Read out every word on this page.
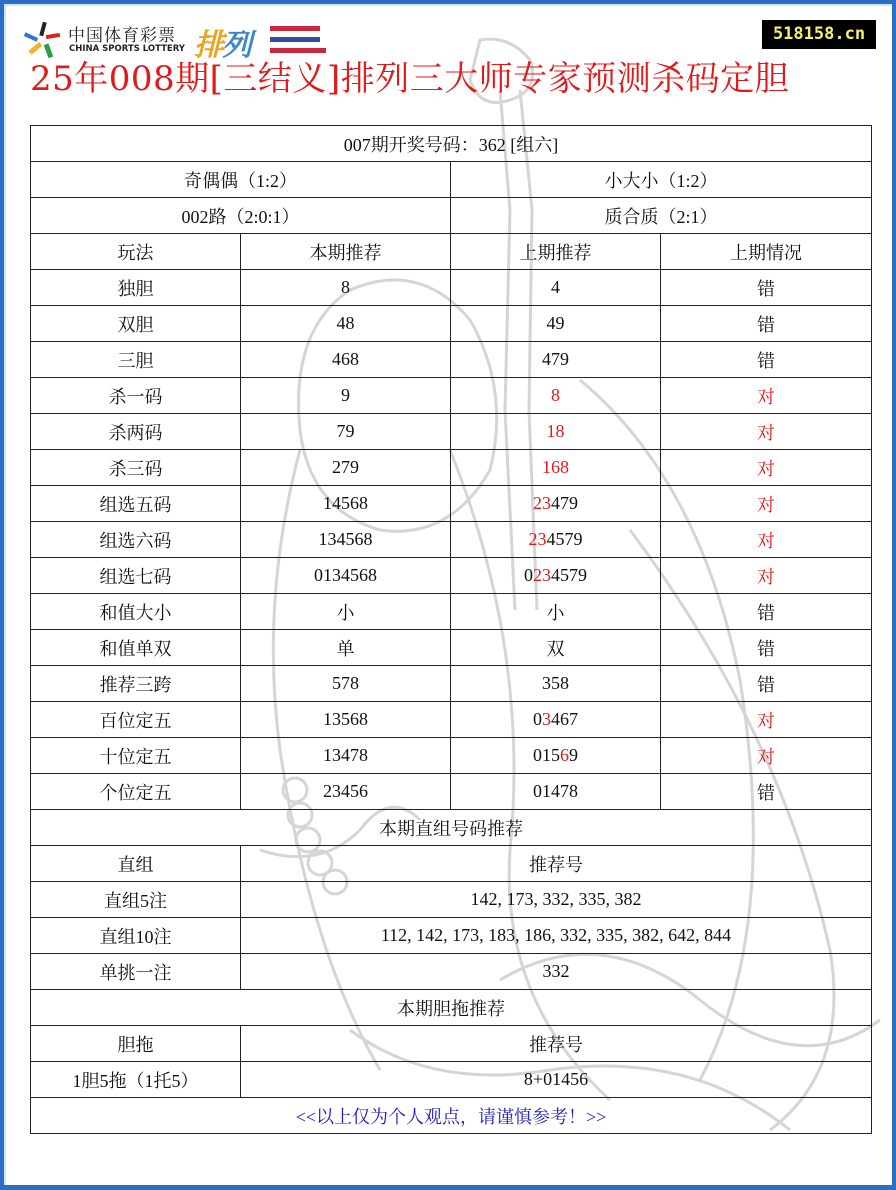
中国体育彩票
CHINA SPORTS LOTTERY 排列	518158.cn
25年008期[三结义]排列三大师专家预测杀码定胆
007期开奖号码：362 [组六]			
奇偶偶（1:2）		小大小（1:2）	
002路（2:0:1）		质合质（2:1）	
玩法	本期推荐	上期推荐	上期情况
独胆	8	4	错
双胆	48	49	错
三胆	468	479	错
杀一码	9	8	对
杀两码	79	18	对
杀三码	279	168	对
组选五码	14568	23479	对
组选六码	134568	234579	对
组选七码	0134568	0234579	对
和值大小	小	小	错
和值单双	单	双	错
推荐三跨	578	358	错
百位定五	13568	03467	对
十位定五	13478	01569	对
个位定五	23456	01478	错
本期直组号码推荐			
直组	推荐号		
直组5注	142, 173, 332, 335, 382		
直组10注	112, 142, 173, 183, 186, 332, 335, 382, 642, 844		
单挑一注	332		
本期胆拖推荐			
胆拖	推荐号		
1胆5拖（1托5）	8+01456		
<<以上仅为个人观点，请谨慎参考！>>			
